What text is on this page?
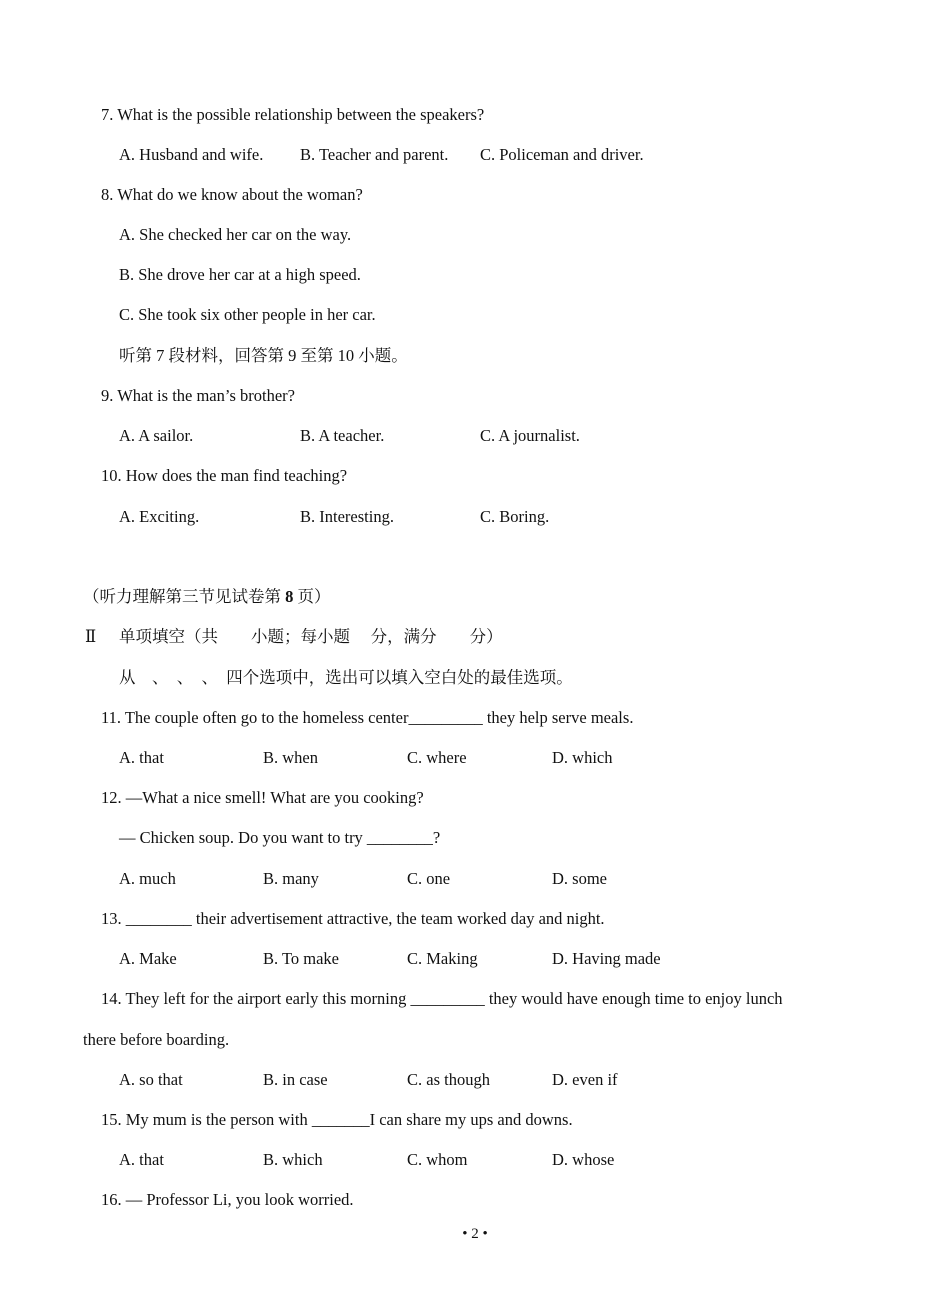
7. What is the possible relationship between the speakers?
A. Husband and wife. B. Teacher and parent. C. Policeman and driver.
8. What do we know about the woman?
A. She checked her car on the way.
B. She drove her car at a high speed.
C. She took six other people in her car.
听第 7 段材料，回答第 9 至第 10 小题。
9. What is the man’s brother?
A. A sailor.	B. A teacher.	C. A journalist.
10. How does the man find teaching?
A. Exciting.	B. Interesting.	C. Boring.
（听力理解第三节见试卷第 8 页）
Ⅱ 单项填空（共　　小题；每小题　 分，满分　　分）
从　、　、　、　四个选项中，选出可以填入空白处的最佳选项。
11. The couple often go to the homeless center_________ they help serve meals.
A. that	B. when	C. where	D. which
12. —What a nice smell! What are you cooking?
— Chicken soup. Do you want to try ________?
A. much	B. many	C. one	D. some
13. ________ their advertisement attractive, the team worked day and night.
A. Make	B. To make	C. Making	D. Having made
14. They left for the airport early this morning _________ they would have enough time to enjoy lunch
there before boarding.
A. so that	B. in case	C. as though	D. even if
15. My mum is the person with _______I can share my ups and downs.
A. that	B. which	C. whom	D. whose
16. — Professor Li, you look worried.
• 2 •
